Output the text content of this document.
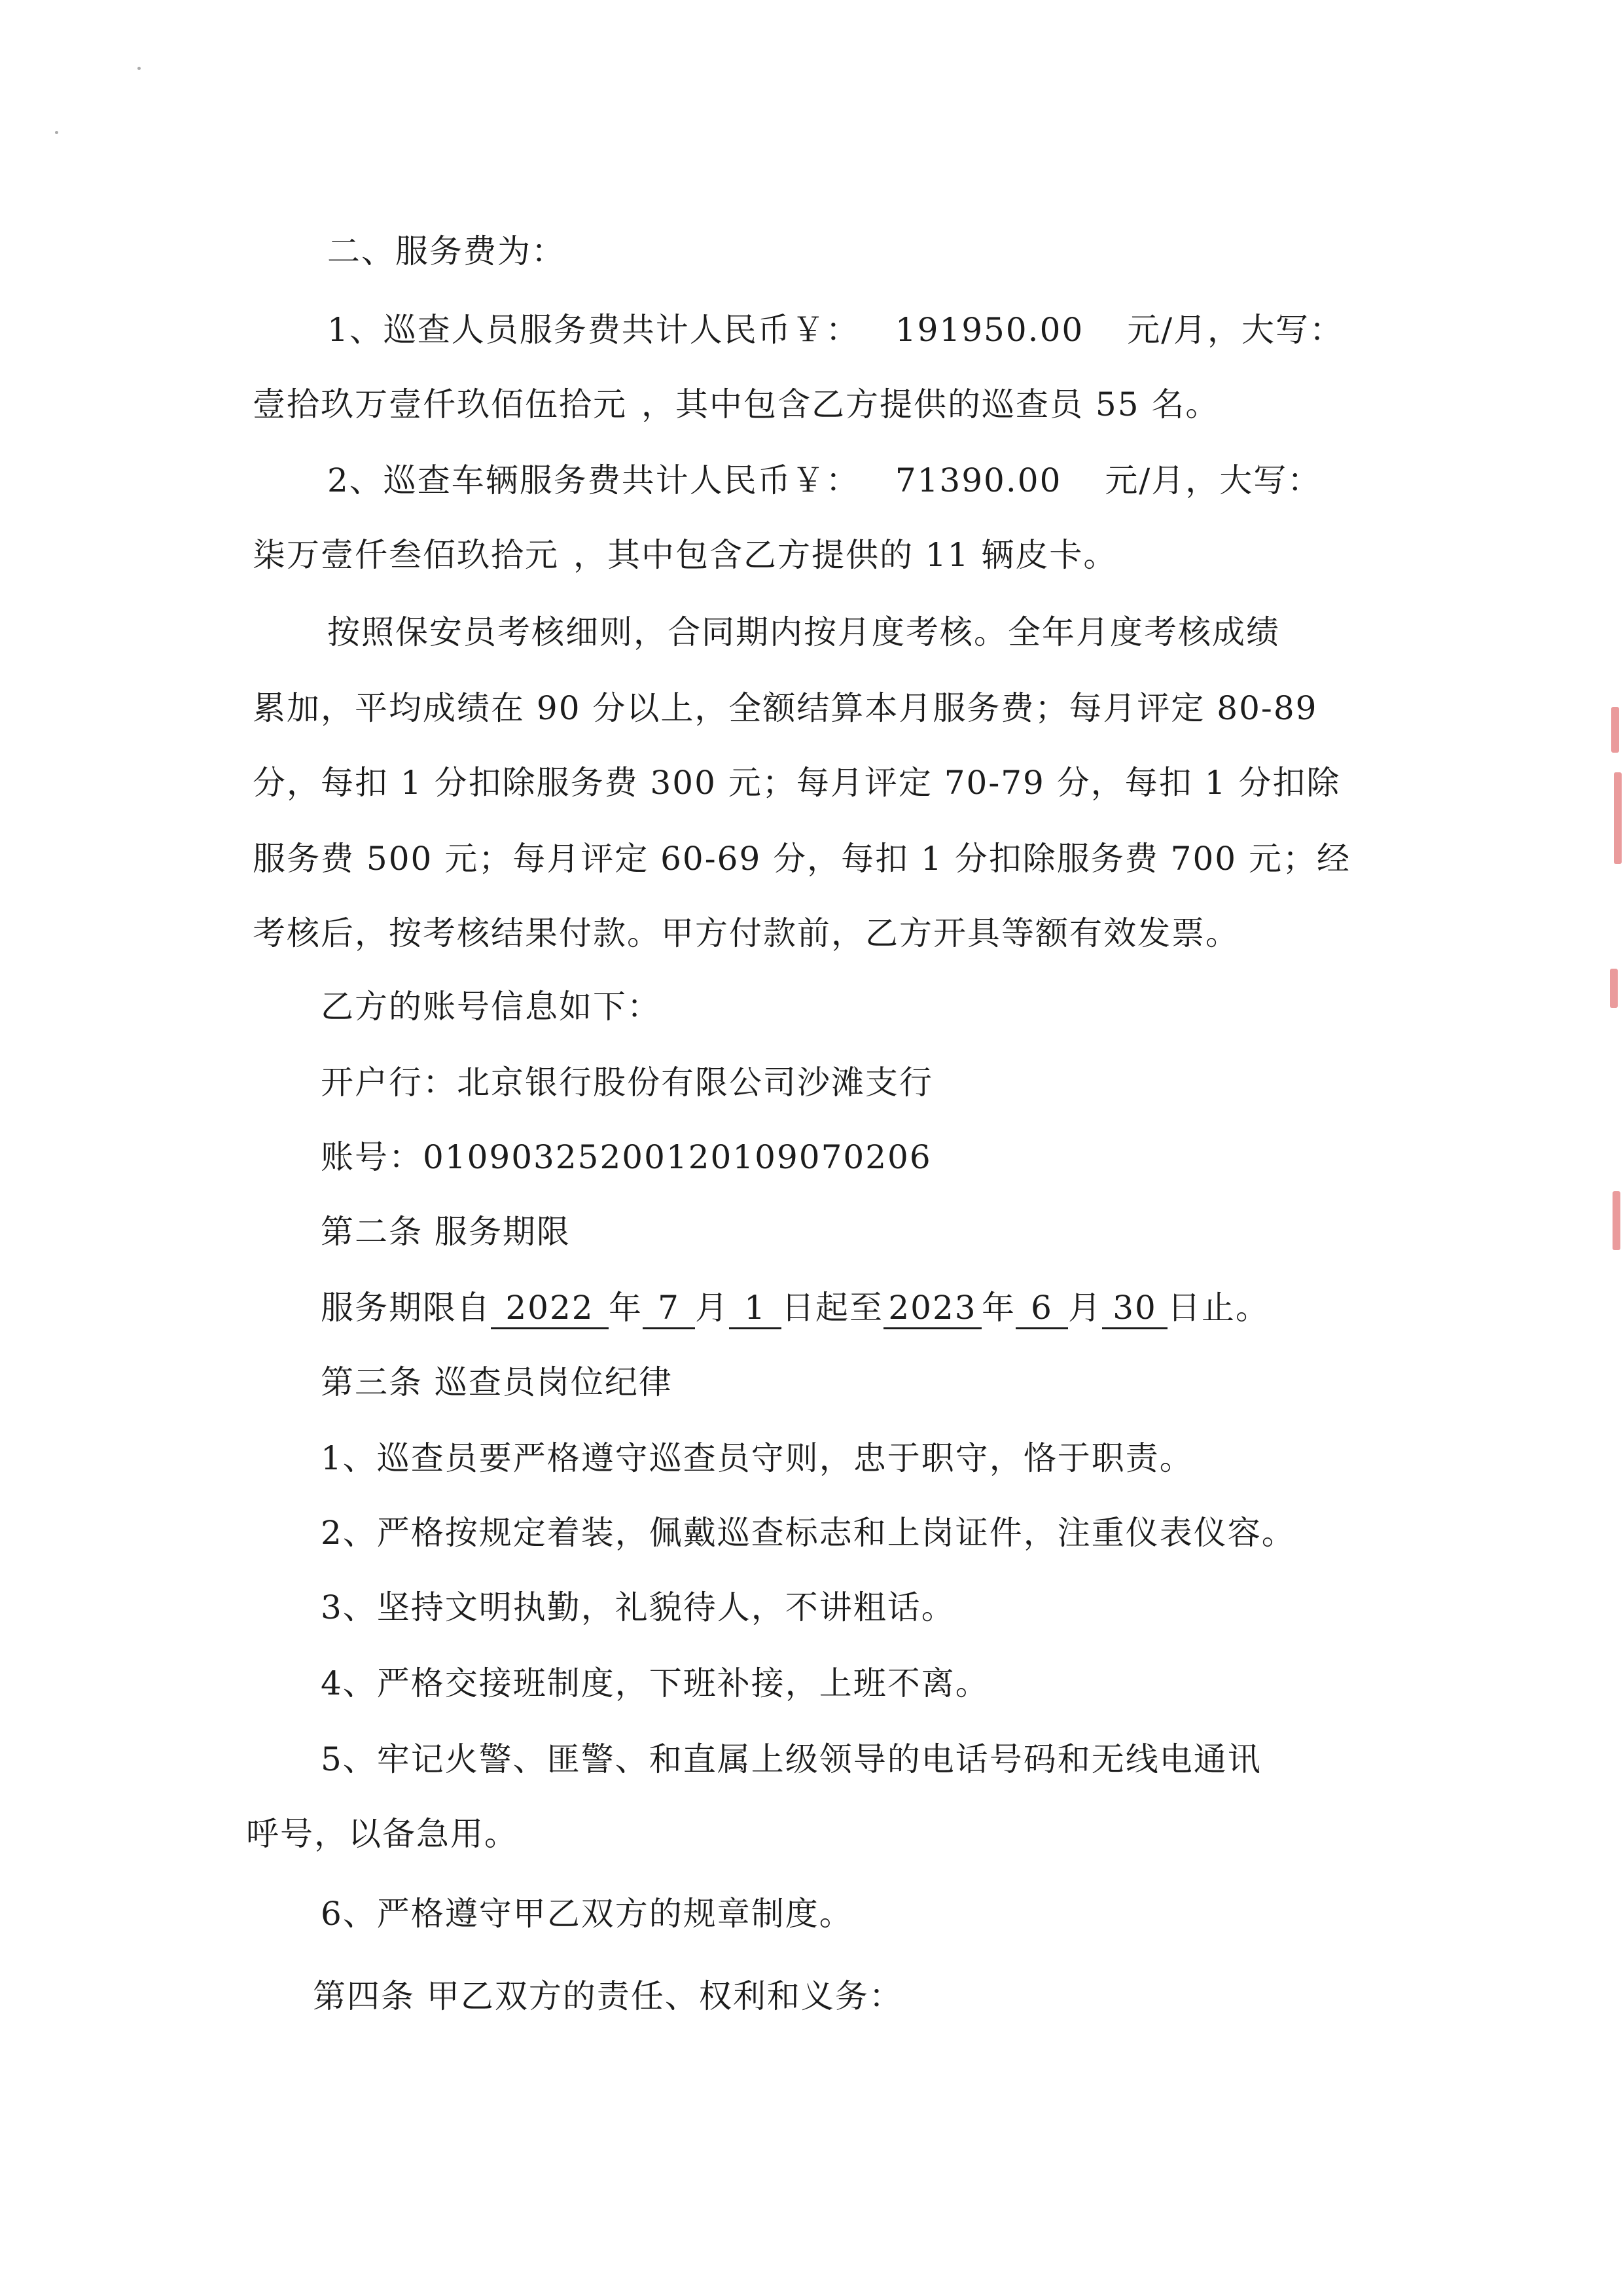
二、服务费为：
1、巡查人员服务费共计人民币￥： 191950.00 元/月，大写：
壹拾玖万壹仟玖佰伍拾元 ，其中包含乙方提供的巡查员 55 名。
2、巡查车辆服务费共计人民币￥： 71390.00 元/月，大写：
柒万壹仟叁佰玖拾元 ，其中包含乙方提供的 11 辆皮卡。
按照保安员考核细则，合同期内按月度考核。全年月度考核成绩
累加，平均成绩在 90 分以上，全额结算本月服务费；每月评定 80-89
分，每扣 1 分扣除服务费 300 元；每月评定 70-79 分，每扣 1 分扣除
服务费 500 元；每月评定 60-69 分，每扣 1 分扣除服务费 700 元；经
考核后，按考核结果付款。甲方付款前，乙方开具等额有效发票。
乙方的账号信息如下：
开户行：北京银行股份有限公司沙滩支行
账号：01090325200120109070206
第二条 服务期限
服务期限自 2022 年 7 月 1 日起至 2023 年 6 月 30 日止。
第三条 巡查员岗位纪律
1、巡查员要严格遵守巡查员守则，忠于职守，恪于职责。
2、严格按规定着装，佩戴巡查标志和上岗证件，注重仪表仪容。
3、坚持文明执勤，礼貌待人，不讲粗话。
4、严格交接班制度，下班补接，上班不离。
5、牢记火警、匪警、和直属上级领导的电话号码和无线电通讯
呼号，以备急用。
6、严格遵守甲乙双方的规章制度。
第四条 甲乙双方的责任、权利和义务：
